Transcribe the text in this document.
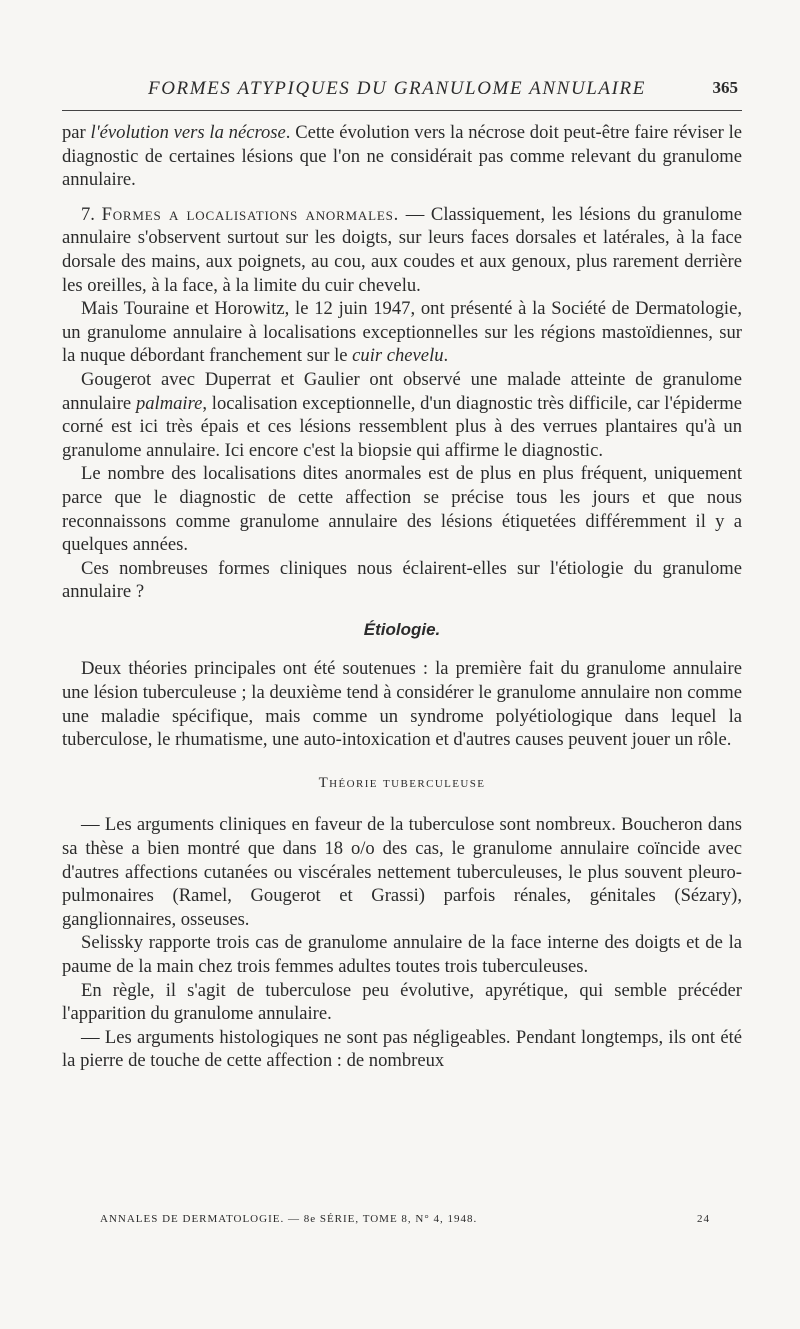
FORMES ATYPIQUES DU GRANULOME ANNULAIRE	365

par l'évolution vers la nécrose. Cette évolution vers la nécrose doit peut-être faire réviser le diagnostic de certaines lésions que l'on ne considérait pas comme relevant du granulome annulaire.

7. Formes a localisations anormales. — Classiquement, les lésions du granulome annulaire s'observent surtout sur les doigts, sur leurs faces dorsales et latérales, à la face dorsale des mains, aux poignets, au cou, aux coudes et aux genoux, plus rarement derrière les oreilles, à la face, à la limite du cuir chevelu.

Mais Touraine et Horowitz, le 12 juin 1947, ont présenté à la Société de Dermatologie, un granulome annulaire à localisations exceptionnelles sur les régions mastoïdiennes, sur la nuque débordant franchement sur le cuir chevelu.

Gougerot avec Duperrat et Gaulier ont observé une malade atteinte de granulome annulaire palmaire, localisation exceptionnelle, d'un diagnostic très difficile, car l'épiderme corné est ici très épais et ces lésions ressemblent plus à des verrues plantaires qu'à un granulome annulaire. Ici encore c'est la biopsie qui affirme le diagnostic.

Le nombre des localisations dites anormales est de plus en plus fréquent, uniquement parce que le diagnostic de cette affection se précise tous les jours et que nous reconnaissons comme granulome annulaire des lésions étiquetées différemment il y a quelques années.

Ces nombreuses formes cliniques nous éclairent-elles sur l'étiologie du granulome annulaire ?

Étiologie.

Deux théories principales ont été soutenues : la première fait du granulome annulaire une lésion tuberculeuse ; la deuxième tend à considérer le granulome annulaire non comme une maladie spécifique, mais comme un syndrome polyétiologique dans lequel la tuberculose, le rhumatisme, une auto-intoxication et d'autres causes peuvent jouer un rôle.

Théorie tuberculeuse

— Les arguments cliniques en faveur de la tuberculose sont nombreux. Boucheron dans sa thèse a bien montré que dans 18 o/o des cas, le granulome annulaire coïncide avec d'autres affections cutanées ou viscérales nettement tuberculeuses, le plus souvent pleuro-pulmonaires (Ramel, Gougerot et Grassi) parfois rénales, génitales (Sézary), ganglionnaires, osseuses.

Selissky rapporte trois cas de granulome annulaire de la face interne des doigts et de la paume de la main chez trois femmes adultes toutes trois tuberculeuses.

En règle, il s'agit de tuberculose peu évolutive, apyrétique, qui semble précéder l'apparition du granulome annulaire.

— Les arguments histologiques ne sont pas négligeables. Pendant longtemps, ils ont été la pierre de touche de cette affection : de nombreux

ANNALES DE DERMATOLOGIE. — 8e SÉRIE, TOME 8, N° 4, 1948.	24
